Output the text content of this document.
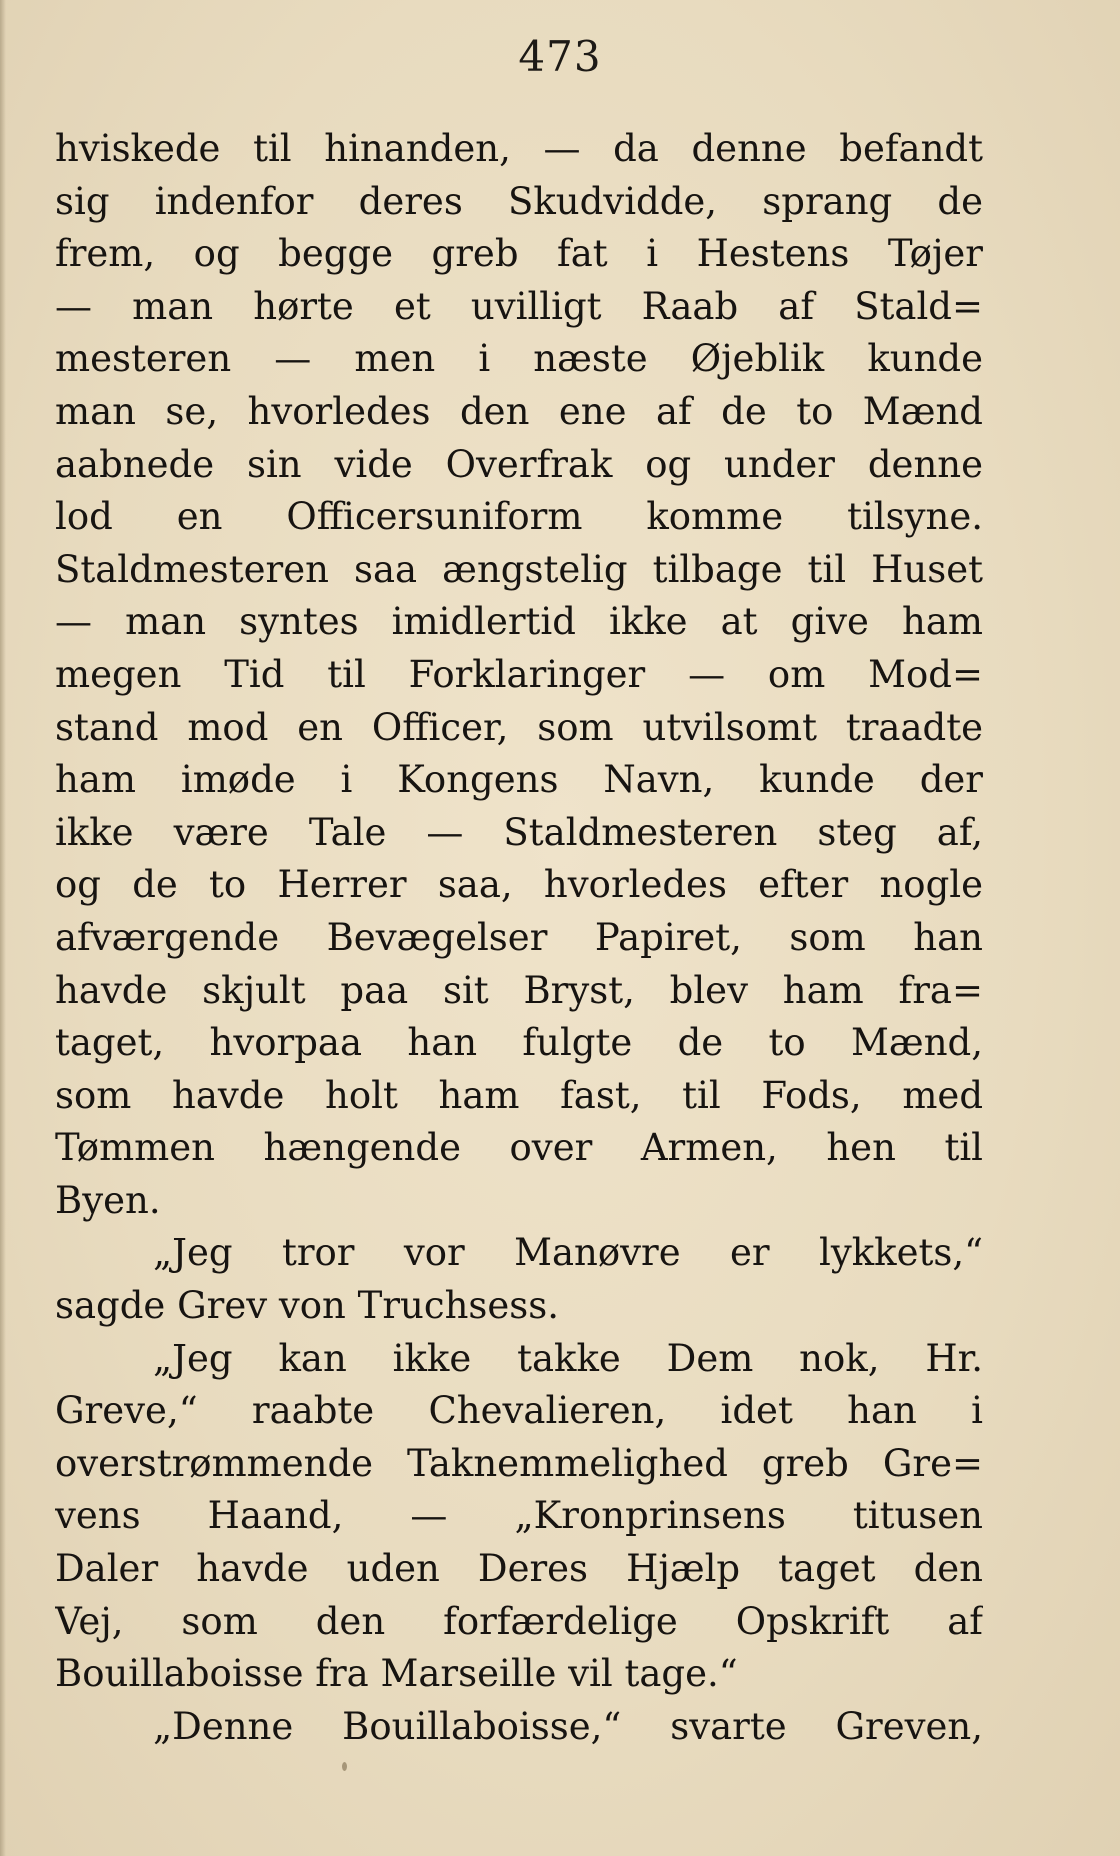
473
hviskede til hinanden, — da denne befandt
sig indenfor deres Skudvidde, sprang de
frem, og begge greb fat i Hestens Tøjer
— man hørte et uvilligt Raab af Stald=
mesteren — men i næste Øjeblik kunde
man se, hvorledes den ene af de to Mænd
aabnede sin vide Overfrak og under denne
lod en Officersuniform komme tilsyne.
Staldmesteren saa ængstelig tilbage til Huset
— man syntes imidlertid ikke at give ham
megen Tid til Forklaringer — om Mod=
stand mod en Officer, som utvilsomt traadte
ham imøde i Kongens Navn, kunde der
ikke være Tale — Staldmesteren steg af,
og de to Herrer saa, hvorledes efter nogle
afværgende Bevægelser Papiret, som han
havde skjult paa sit Bryst, blev ham fra=
taget, hvorpaa han fulgte de to Mænd,
som havde holt ham fast, til Fods, med
Tømmen hængende over Armen, hen til
Byen.
„Jeg tror vor Manøvre er lykkets,“
sagde Grev von Truchsess.
„Jeg kan ikke takke Dem nok, Hr.
Greve,“ raabte Chevalieren, idet han i
overstrømmende Taknemmelighed greb Gre=
vens Haand, — „Kronprinsens titusen
Daler havde uden Deres Hjælp taget den
Vej, som den forfærdelige Opskrift af
Bouillaboisse fra Marseille vil tage.“
„Denne Bouillaboisse,“ svarte Greven,
